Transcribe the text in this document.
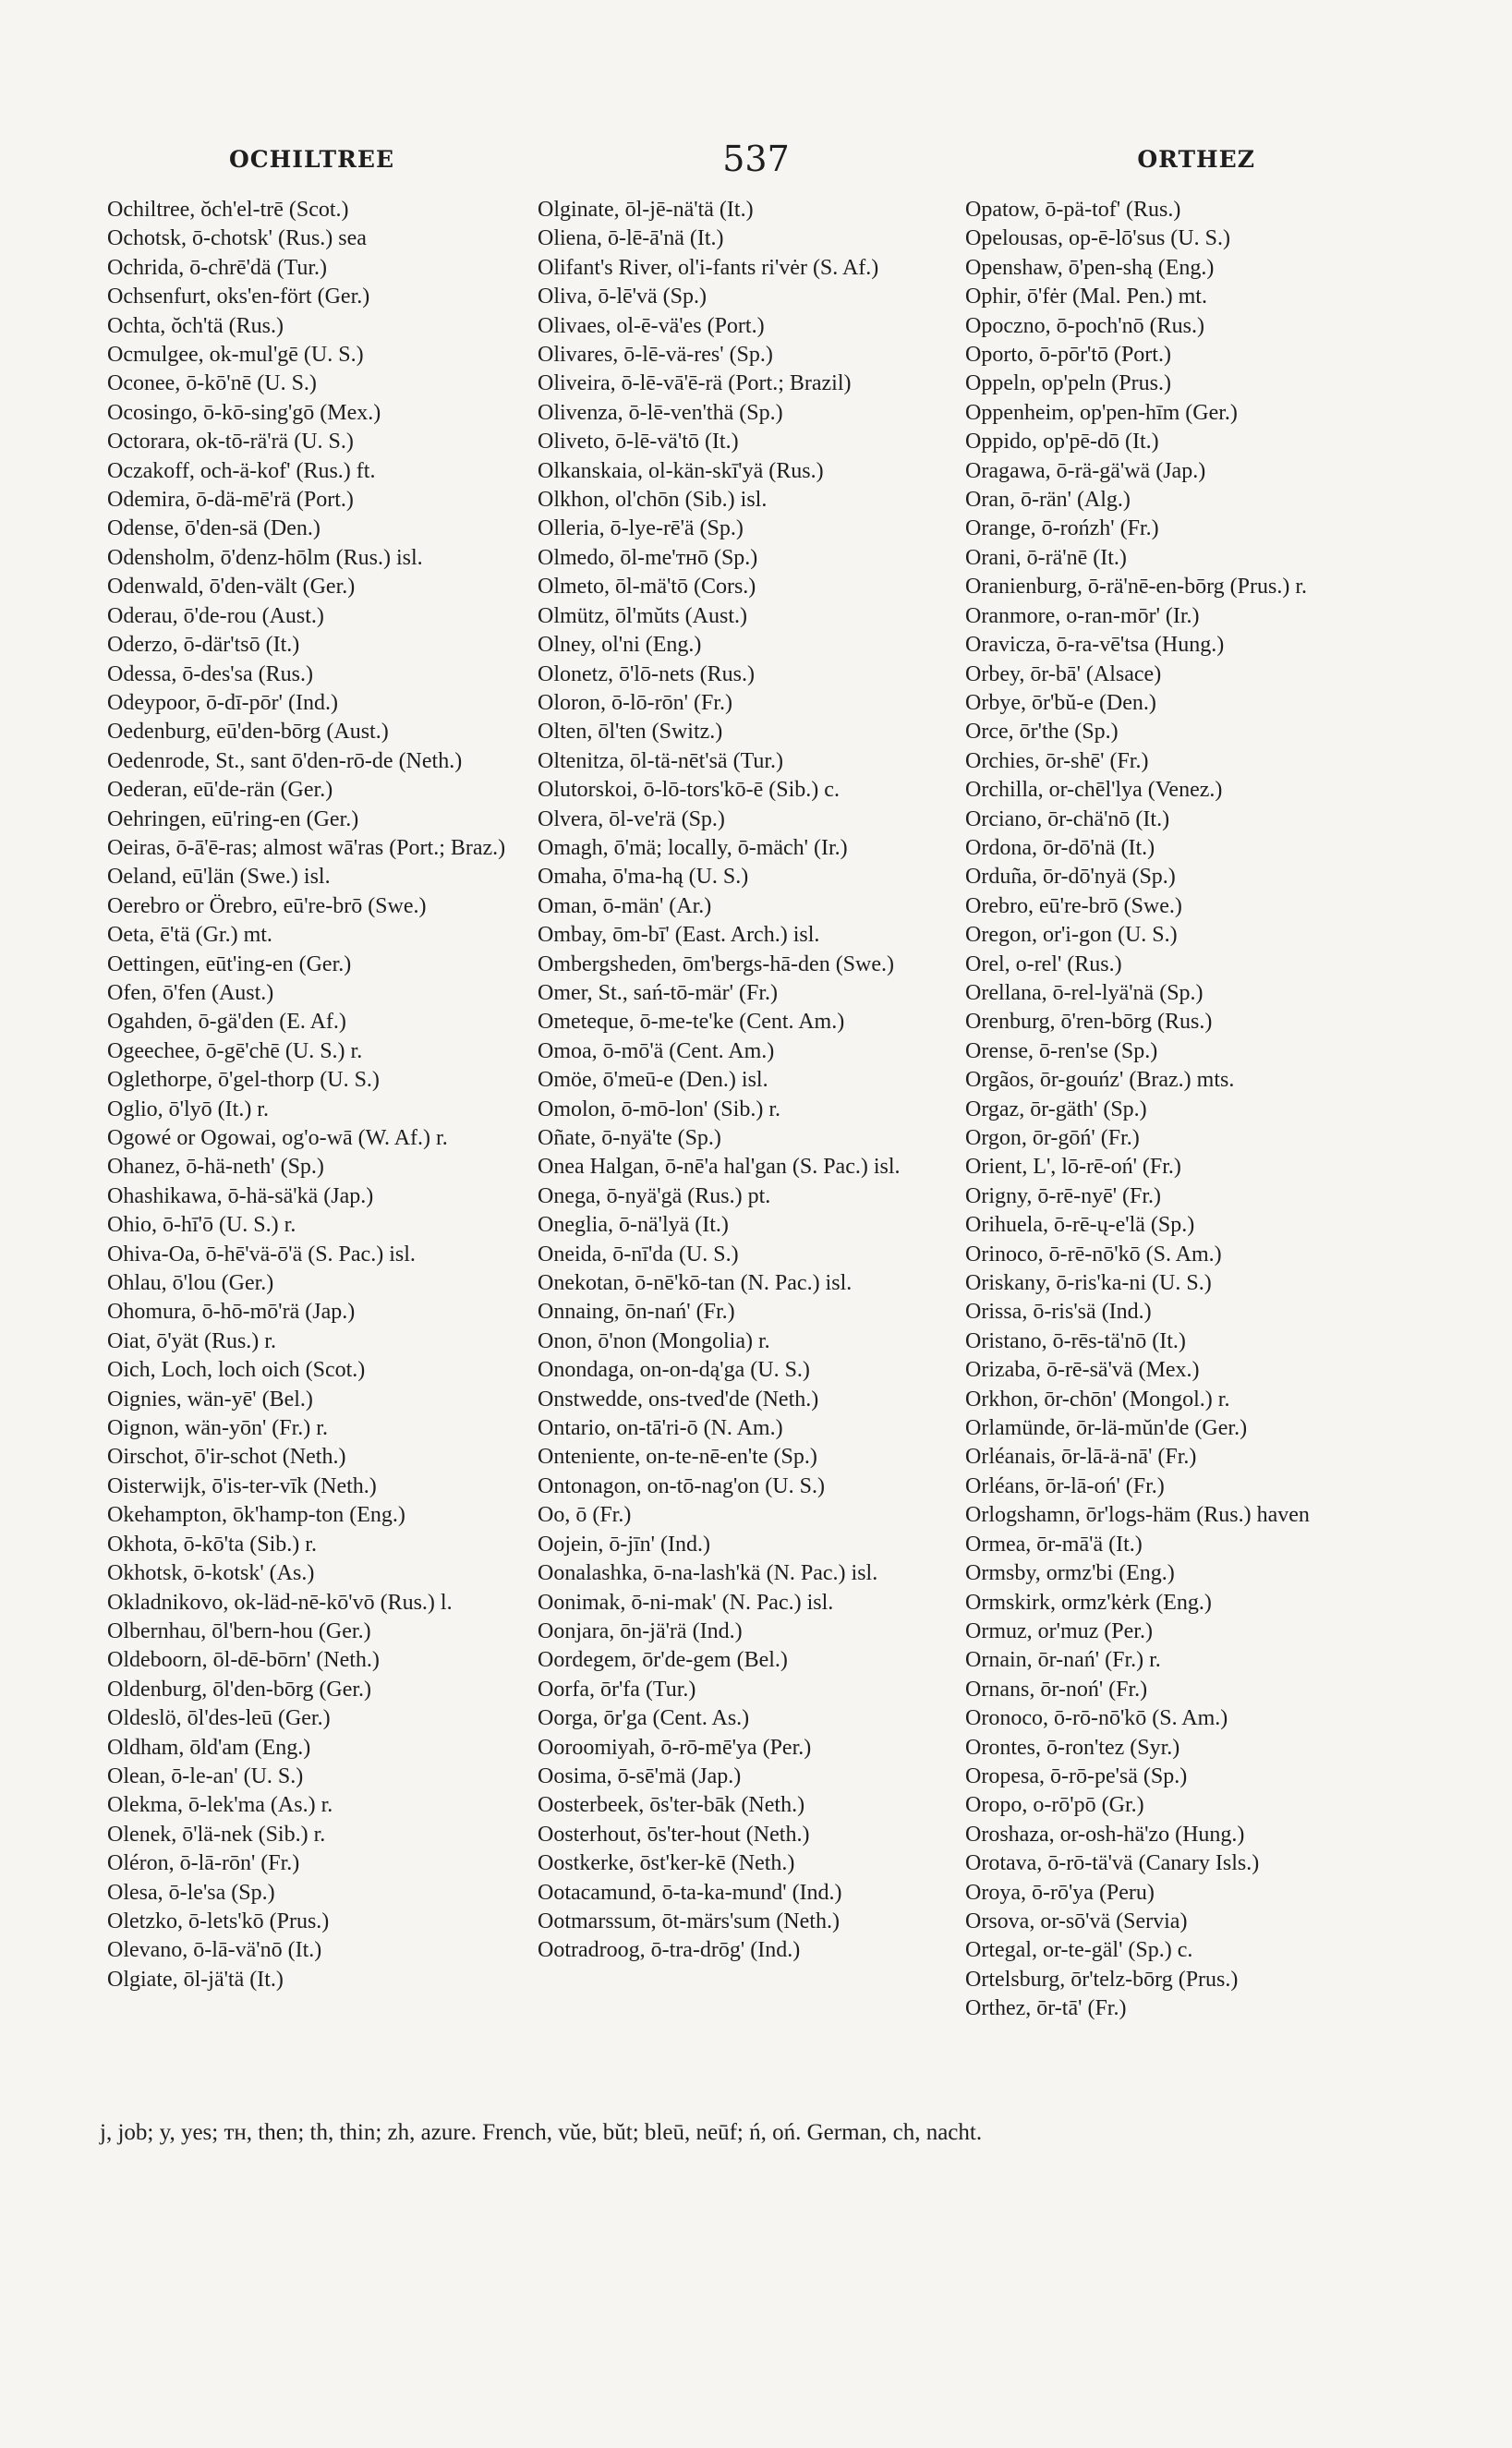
OCHILTREE	537	ORTHEZ

Ochiltree, ŏch'el-trē (Scot.)

Ochotsk, ō-chotsk' (Rus.) sea

Ochrida, ō-chrē'dä (Tur.)

Ochsenfurt, oks'en-fört (Ger.)

Ochta, ŏch'tä (Rus.)

Ocmulgee, ok-mul'gē (U. S.)

Oconee, ō-kō'nē (U. S.)

Ocosingo, ō-kō-sing'gō (Mex.)

Octorara, ok-tō-rä'rä (U. S.)

Oczakoff, och-ä-kof' (Rus.) ft.

Odemira, ō-dä-mē'rä (Port.)

Odense, ō'den-sä (Den.)

Odensholm, ō'denz-hōlm (Rus.) isl.

Odenwald, ō'den-vält (Ger.)

Oderau, ō'de-rou (Aust.)

Oderzo, ō-där'tsō (It.)

Odessa, ō-des'sa (Rus.)

Odeypoor, ō-dī-pōr' (Ind.)

Oedenburg, eū'den-bōrg (Aust.)

Oedenrode, St., sant ō'den-rō-de (Neth.)

Oederan, eū'de-rän (Ger.)

Oehringen, eū'ring-en (Ger.)

Oeiras, ō-ā'ē-ras; almost wā'ras (Port.; Braz.)

Oeland, eū'län (Swe.) isl.

Oerebro or Örebro, eū're-brō (Swe.)

Oeta, ē'tä (Gr.) mt.

Oettingen, eūt'ing-en (Ger.)

Ofen, ō'fen (Aust.)

Ogahden, ō-gä'den (E. Af.)

Ogeechee, ō-gē'chē (U. S.) r.

Oglethorpe, ō'gel-thorp (U. S.)

Oglio, ō'lyō (It.) r.

Ogowé or Ogowai, og'o-wā (W. Af.) r.

Ohanez, ō-hä-neth' (Sp.)

Ohashikawa, ō-hä-sä'kä (Jap.)

Ohio, ō-hī'ō (U. S.) r.

Ohiva-Oa, ō-hē'vä-ō'ä (S. Pac.) isl.

Ohlau, ō'lou (Ger.)

Ohomura, ō-hō-mō'rä (Jap.)

Oiat, ō'yät (Rus.) r.

Oich, Loch, loch oich (Scot.)

Oignies, wän-yē' (Bel.)

Oignon, wän-yōn' (Fr.) r.

Oirschot, ō'ir-schot (Neth.)

Oisterwijk, ō'is-ter-vīk (Neth.)

Okehampton, ōk'hamp-ton (Eng.)

Okhota, ō-kō'ta (Sib.) r.

Okhotsk, ō-kotsk' (As.)

Okladnikovo, ok-läd-nē-kō'vō (Rus.) l.

Olbernhau, ōl'bern-hou (Ger.)

Oldeboorn, ōl-dē-bōrn' (Neth.)

Oldenburg, ōl'den-bōrg (Ger.)

Oldeslö, ōl'des-leū (Ger.)

Oldham, ōld'am (Eng.)

Olean, ō-le-an' (U. S.)

Olekma, ō-lek'ma (As.) r.

Olenek, ō'lä-nek (Sib.) r.

Oléron, ō-lā-rōn' (Fr.)

Olesa, ō-le'sa (Sp.)

Oletzko, ō-lets'kō (Prus.)

Olevano, ō-lā-vä'nō (It.)

Olgiate, ōl-jä'tä (It.)

Olginate, ōl-jē-nä'tä (It.)

Oliena, ō-lē-ā'nä (It.)

Olifant's River, ol'i-fants ri'vėr (S. Af.)

Oliva, ō-lē'vä (Sp.)

Olivaes, ol-ē-vä'es (Port.)

Olivares, ō-lē-vä-res' (Sp.)

Oliveira, ō-lē-vā'ē-rä (Port.; Brazil)

Olivenza, ō-lē-ven'thä (Sp.)

Oliveto, ō-lē-vä'tō (It.)

Olkanskaia, ol-kän-skī'yä (Rus.)

Olkhon, ol'chōn (Sib.) isl.

Olleria, ō-lye-rē'ä (Sp.)

Olmedo, ōl-me'ᴛʜō (Sp.)

Olmeto, ōl-mä'tō (Cors.)

Olmütz, ōl'mŭts (Aust.)

Olney, ol'ni (Eng.)

Olonetz, ō'lō-nets (Rus.)

Oloron, ō-lō-rōn' (Fr.)

Olten, ōl'ten (Switz.)

Oltenitza, ōl-tä-nēt'sä (Tur.)

Olutorskoi, ō-lō-tors'kō-ē (Sib.) c.

Olvera, ōl-ve'rä (Sp.)

Omagh, ō'mä; locally, ō-mäch' (Ir.)

Omaha, ō'ma-hą (U. S.)

Oman, ō-män' (Ar.)

Ombay, ōm-bī' (East. Arch.) isl.

Ombergsheden, ōm'bergs-hā-den (Swe.)

Omer, St., sań-tō-mär' (Fr.)

Ometeque, ō-me-te'ke (Cent. Am.)

Omoa, ō-mō'ä (Cent. Am.)

Omöe, ō'meū-e (Den.) isl.

Omolon, ō-mō-lon' (Sib.) r.

Oñate, ō-nyä'te (Sp.)

Onea Halgan, ō-nē'a hal'gan (S. Pac.) isl.

Onega, ō-nyä'gä (Rus.) pt.

Oneglia, ō-nä'lyä (It.)

Oneida, ō-nī'da (U. S.)

Onekotan, ō-nē'kō-tan (N. Pac.) isl.

Onnaing, ōn-nań' (Fr.)

Onon, ō'non (Mongolia) r.

Onondaga, on-on-dą'ga (U. S.)

Onstwedde, ons-tved'de (Neth.)

Ontario, on-tā'ri-ō (N. Am.)

Onteniente, on-te-nē-en'te (Sp.)

Ontonagon, on-tō-nag'on (U. S.)

Oo, ō (Fr.)

Oojein, ō-jīn' (Ind.)

Oonalashka, ō-na-lash'kä (N. Pac.) isl.

Oonimak, ō-ni-mak' (N. Pac.) isl.

Oonjara, ōn-jä'rä (Ind.)

Oordegem, ōr'de-gem (Bel.)

Oorfa, ōr'fa (Tur.)

Oorga, ōr'ga (Cent. As.)

Ooroomiyah, ō-rō-mē'ya (Per.)

Oosima, ō-sē'mä (Jap.)

Oosterbeek, ōs'ter-bāk (Neth.)

Oosterhout, ōs'ter-hout (Neth.)

Oostkerke, ōst'ker-kē (Neth.)

Ootacamund, ō-ta-ka-mund' (Ind.)

Ootmarssum, ōt-märs'sum (Neth.)

Ootradroog, ō-tra-drōg' (Ind.)

Opatow, ō-pä-tof' (Rus.)

Opelousas, op-ē-lō'sus (U. S.)

Openshaw, ō'pen-shą (Eng.)

Ophir, ō'fėr (Mal. Pen.) mt.

Opoczno, ō-poch'nō (Rus.)

Oporto, ō-pōr'tō (Port.)

Oppeln, op'peln (Prus.)

Oppenheim, op'pen-hīm (Ger.)

Oppido, op'pē-dō (It.)

Oragawa, ō-rä-gä'wä (Jap.)

Oran, ō-rän' (Alg.)

Orange, ō-rońzh' (Fr.)

Orani, ō-rä'nē (It.)

Oranienburg, ō-rä'nē-en-bōrg (Prus.) r.

Oranmore, o-ran-mōr' (Ir.)

Oravicza, ō-ra-vē'tsa (Hung.)

Orbey, ōr-bā' (Alsace)

Orbye, ōr'bŭ-e (Den.)

Orce, ōr'the (Sp.)

Orchies, ōr-shē' (Fr.)

Orchilla, or-chēl'lya (Venez.)

Orciano, ōr-chä'nō (It.)

Ordona, ōr-dō'nä (It.)

Orduña, ōr-dō'nyä (Sp.)

Orebro, eū're-brō (Swe.)

Oregon, or'i-gon (U. S.)

Orel, o-rel' (Rus.)

Orellana, ō-rel-lyä'nä (Sp.)

Orenburg, ō'ren-bōrg (Rus.)

Orense, ō-ren'se (Sp.)

Orgãos, ōr-gouńz' (Braz.) mts.

Orgaz, ōr-gäth' (Sp.)

Orgon, ōr-gōń' (Fr.)

Orient, L', lō-rē-oń' (Fr.)

Origny, ō-rē-nyē' (Fr.)

Orihuela, ō-rē-ų-e'lä (Sp.)

Orinoco, ō-rē-nō'kō (S. Am.)

Oriskany, ō-ris'ka-ni (U. S.)

Orissa, ō-ris'sä (Ind.)

Oristano, ō-rēs-tä'nō (It.)

Orizaba, ō-rē-sä'vä (Mex.)

Orkhon, ōr-chōn' (Mongol.) r.

Orlamünde, ōr-lä-mŭn'de (Ger.)

Orléanais, ōr-lā-ä-nā' (Fr.)

Orléans, ōr-lā-oń' (Fr.)

Orlogshamn, ōr'logs-häm (Rus.) haven

Ormea, ōr-mā'ä (It.)

Ormsby, ormz'bi (Eng.)

Ormskirk, ormz'kėrk (Eng.)

Ormuz, or'muz (Per.)

Ornain, ōr-nań' (Fr.) r.

Ornans, ōr-noń' (Fr.)

Oronoco, ō-rō-nō'kō (S. Am.)

Orontes, ō-ron'tez (Syr.)

Oropesa, ō-rō-pe'sä (Sp.)

Oropo, o-rō'pō (Gr.)

Oroshaza, or-osh-hä'zo (Hung.)

Orotava, ō-rō-tä'vä (Canary Isls.)

Oroya, ō-rō'ya (Peru)

Orsova, or-sō'vä (Servia)

Ortegal, or-te-gäl' (Sp.) c.

Ortelsburg, ōr'telz-bōrg (Prus.)

Orthez, ōr-tā' (Fr.)

j, job; y, yes; ᴛʜ, then; th, thin; zh, azure. French, vŭe, bŭt; bleū, neūf; ń, oń. German, ch, nacht.
